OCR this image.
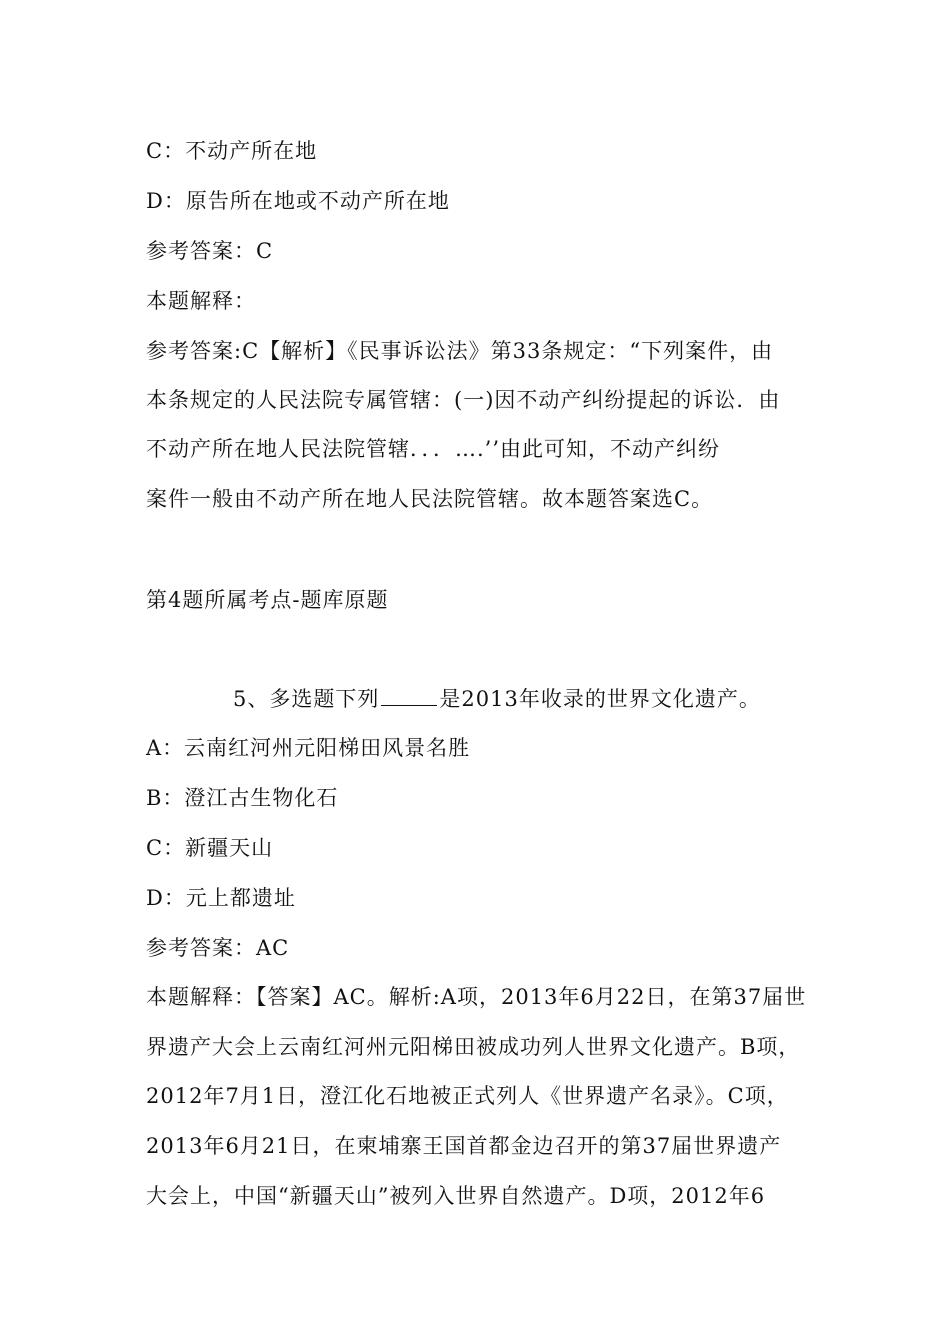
C：不动产所在地
D：原告所在地或不动产所在地
参考答案：C
本题解释：
参考答案:C【解析】《民事诉讼法》第33条规定：“下列案件，由
本条规定的人民法院专属管辖：(一)因不动产纠纷提起的诉讼．由
不动产所在地人民法院管辖．．．….’’由此可知，不动产纠纷
案件一般由不动产所在地人民法院管辖。故本题答案选C。
第4题所属考点-题库原题
5、多选题下列	是2013年收录的世界文化遗产。
A：云南红河州元阳梯田风景名胜
B：澄江古生物化石
C：新疆天山
D：元上都遗址
参考答案：AC
本题解释：【答案】AC。解析:A项，2013年6月22日，在第37届世
界遗产大会上云南红河州元阳梯田被成功列人世界文化遗产。B项，
2012年7月1日，澄江化石地被正式列人《世界遗产名录》。C项，
2013年6月21日，在柬埔寨王国首都金边召开的第37届世界遗产
大会上，中国“新疆天山”被列入世界自然遗产。D项，2012年6
